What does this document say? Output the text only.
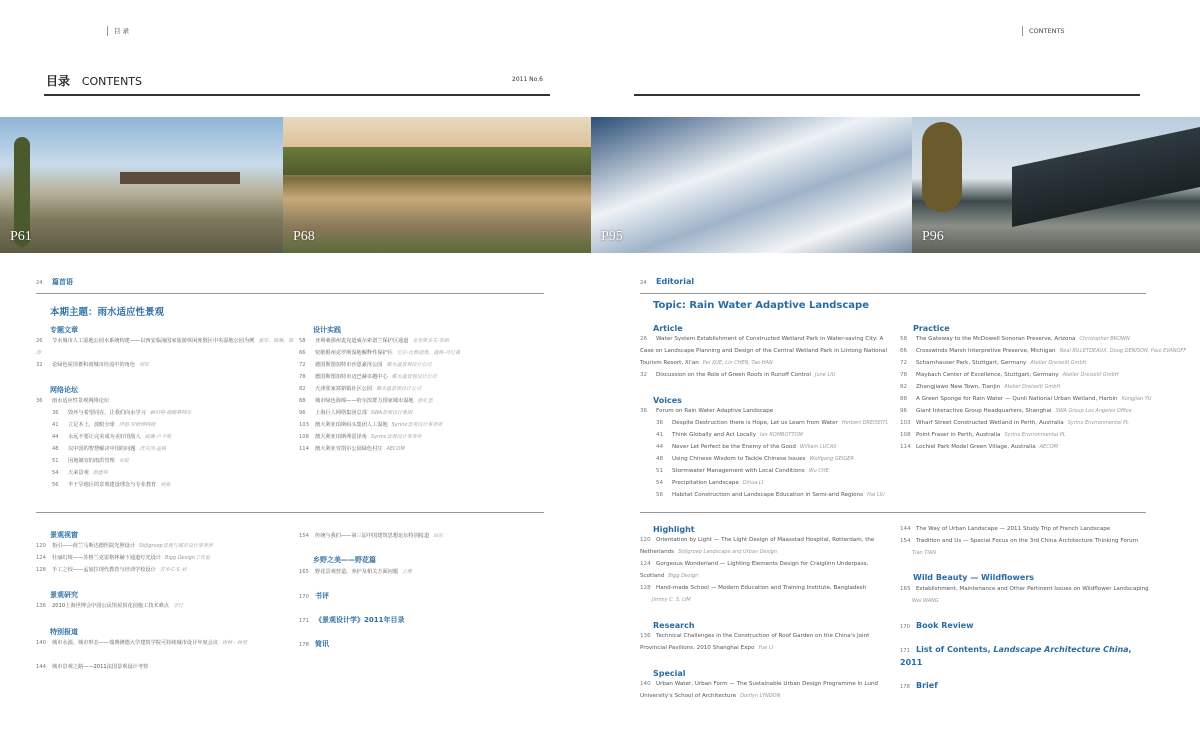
目 录	CONTENTS
目录 CONTENTS	2011 No.6
P61	P68	P95	P96
24 篇首语
本期主题：雨水适应性景观
专题文章
26 节水城市人工湿地公园水系统构建——以西安临潼国家旅游休闲度假区中央湿地公园为例 袁军、陈琳、陈涛
32 论绿色屋顶蓄积雨城市径流中的角色 刘军
网络论坛
36 雨水适应性景观网络论坛
36 毁坏与希望同在，让我们向水学习 赫伯特·德赖赛特尔
41 立足本土，放眼全球 伊恩·罗姆博特姆
44 永远不要让完美成为美好的敌人 威廉·卢卡斯
48 以中国的智慧解决中国的问题 沃夫冈·盖格
51 因地制宜的雨洪管理 吴锐
54 天来景观 俞建华
56 半干旱地区的景观建设理念与专业教育 刘海
设计实践
58 亚利桑那州麦克道威尔索诺兰保护区通道 克里斯多夫·布朗
66 密歇根州克罗斯湿地解释性保护区 尼尔·比勒迪奥，道格·丹尼森
72 德国斯图加特市沙恩豪泽公园 戴水道景观设计公司
78 德国斯图加特市迈巴赫卓越中心 戴水道景观设计公司
82 天津张家窝新镇社区公园 戴水道景观设计公司
88 城市绿色海绵——哈尔滨群力国家城市湿地 俞孔坚
96 上海巨人网络集团总部 SWA景观设计集团
103 澳大利亚珀斯码头集团人工湿地 Syrinx景观设计事务所
108 澳大利亚珀斯弗雷泽角 Syrinx景观设计事务所
114 澳大利亚劳凯尔公园绿色村庄 AECOM
景观视窗
120 指引——荷兰马斯达德医院光照设计 Stijlgroep景观与城市设计事务所
124 壮丽幻境——苏格兰克雷格林赫下通道灯光设计 Bigg Design工作室
128 手工之校——孟加拉现代教育与培训学校设计 吉米·C·S·刘
景观研究
136 2010上海世博会中国公民馆屋顶花园施工技术难点 李玎
特别报道
140 城市水源，城市形态——瑞典隆德大学建筑学院可持续城市设计年度会议 唐林 - 林登
144 城市景观之路——2011法国景观设计考察
154 传统与我们——第三届中国建筑思想论坛特别报道 田东
乡野之美——野花篇
165 野花景观营造，养护及相关方面问题 王维
170 书评
171 《景观设计学》2011年目录
178 简讯
24 Editorial
Topic: Rain Water Adaptive Landscape
Article
26 Water System Establishment of Constructed Wetland Park in Water-saving City: A Case on Landscape Planning and Design of the Central Wetland Park in Lintong National Tourism Resort, Xi'an Pei XUE, Lin CHEN, Tao HAN
32 Discussion on the Role of Green Roofs in Runoff Control June LIU
Voices
36 Forum on Rain Water Adaptive Landscape
36 Despite Destruction there is Hope, Let us Learn from Water Herbert DREISEITL
41 Think Globally and Act Locally Ian ROMBOTTOM
44 Never Let Perfect be the Enemy of the Good William LUCAS
48 Using Chinese Wisdom to Tackle Chinese Issues Wolfgang GEIGER
51 Stormwater Management with Local Conditions Wu CHE
54 Precipitation Landscape Dihua LI
56 Habitat Construction and Landscape Education in Semi-arid Regions Hai LIU
Practice
58 The Gateway to the McDowell Sonoran Preserve, Arizona Christopher BROWN
66 Crosswinds Marsh Interpretive Preserve, Michigan Neal BILLETDEAUX, Doug DENISON, Paul EVANOFF
72 Scharnhauser Park, Stuttgart, Germany Atelier Dreiseitl GmbH
78 Maybach Center of Excellence, Stuttgart, Germany Atelier Dreiseitl GmbH
82 Zhangjiawo New Town, Tianjin Atelier Dreiseitl GmbH
88 A Green Sponge for Rain Water — Qunli National Urban Wetland, Harbin Kongjian YU
96 Giant Interactive Group Headquarters, Shanghai SWA Group Los Angeles Office
103 Wharf Street Constructed Wetland in Perth, Australia Syrinx Environmental PL
108 Point Fraser in Perth, Australia Syrinx Environmental PL
114 Lochiel Park Model Green Village, Australia AECOM
Highlight
120 Orientation by Light — The Light Design of Maasstad Hospital, Rotterdam, the Netherlands Stijlgroep Landscape and Urban Design
124 Gorgeous Wonderland — Lighting Elements Design for Craiglinn Underpass, Scotland Bigg Design
128 Hand-made School — Modern Education and Training Institute, Bangladesh
Jimmy C. S. LIM
Research
136 Technical Challenges in the Construction of Roof Garden on the China's Joint Provincial Pavilions, 2010 Shanghai Expo Yue LI
Special
140 Urban Water, Urban Form — The Sustainable Urban Design Programme in Lund University's School of Architecture Dorilyn LYNDON
144 The Way of Urban Landscape — 2011 Study Trip of French Landscape
154 Tradition and Us — Special Focus on the 3rd China Architecture Thinking Forum
Tian TIAN
Wild Beauty — Wildflowers
165 Establishment, Maintenance and Other Pertinent Issues on Wildflower Landscaping
Wei WANG
170 Book Review
171 List of Contents, Landscape Architecture China, 2011
178 Brief
